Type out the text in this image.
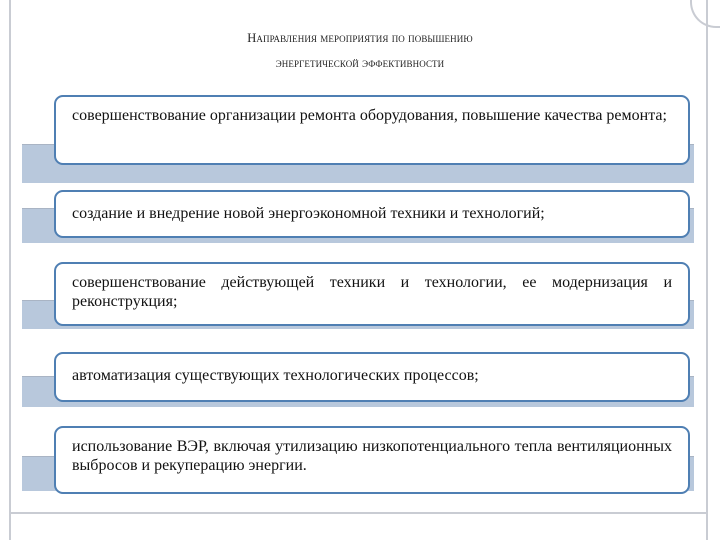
Направления мероприятия по повышению
энергетической эффективности
совершенствование организации ремонта оборудования, повышение качества ремонта;
создание и внедрение новой энергоэкономной техники и технологий;
совершенствование действующей техники и технологии, ее модернизация и реконструкция;
автоматизация существующих технологических процессов;
использование ВЭР, включая утилизацию низкопотенциального тепла вентиляционных выбросов и рекуперацию энергии.
